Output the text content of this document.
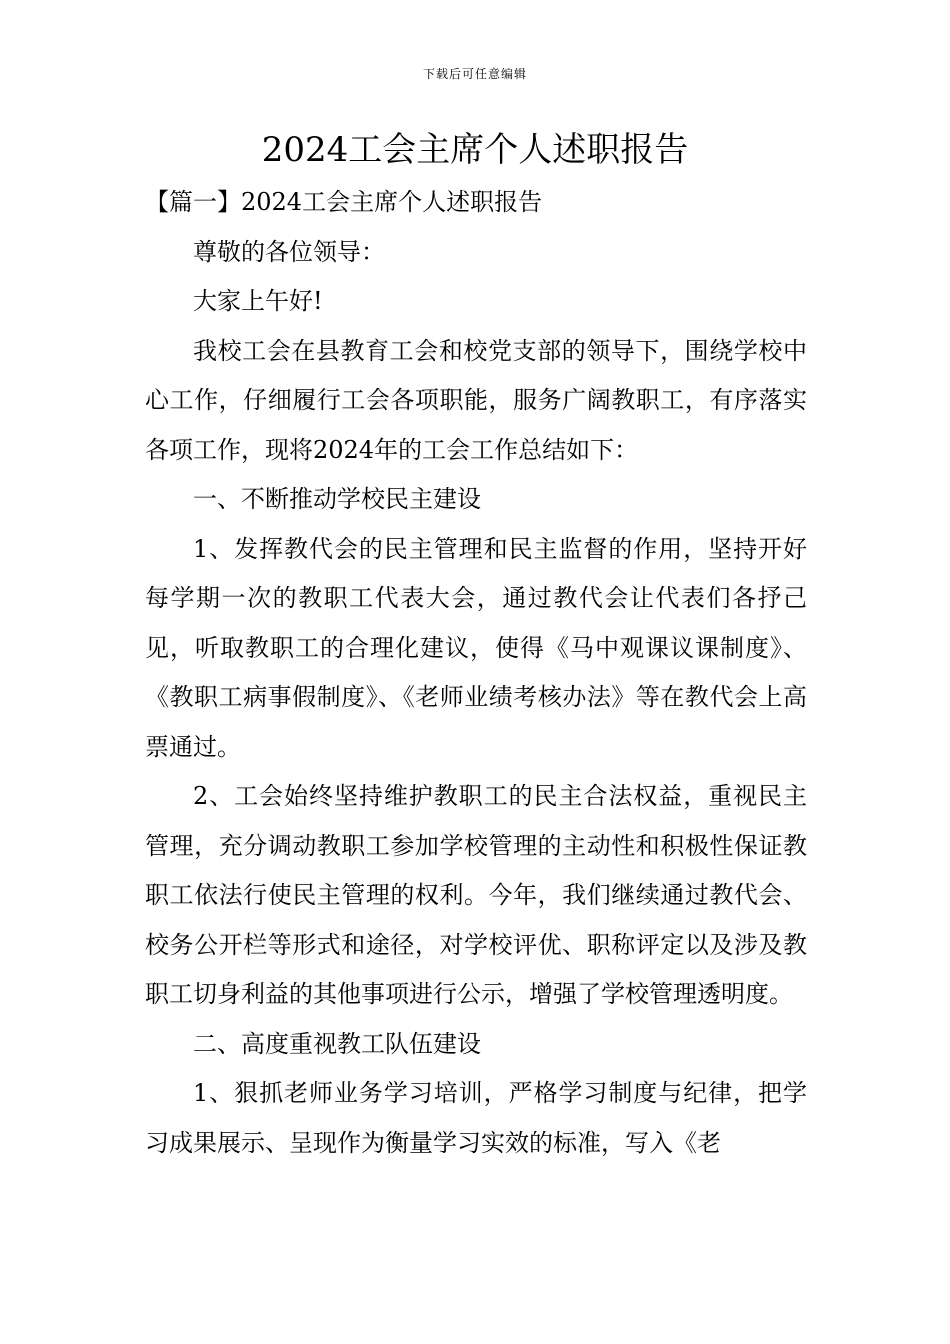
下载后可任意编辑
2024工会主席个人述职报告

【篇一】2024工会主席个人述职报告

尊敬的各位领导：

大家上午好!

我校工会在县教育工会和校党支部的领导下，围绕学校中心工作，仔细履行工会各项职能，服务广阔教职工，有序落实各项工作，现将2024年的工会工作总结如下：

一、不断推动学校民主建设

1、发挥教代会的民主管理和民主监督的作用，坚持开好每学期一次的教职工代表大会，通过教代会让代表们各抒己见，听取教职工的合理化建议，使得《马中观课议课制度》、《教职工病事假制度》、《老师业绩考核办法》等在教代会上高票通过。

2、工会始终坚持维护教职工的民主合法权益，重视民主管理，充分调动教职工参加学校管理的主动性和积极性保证教职工依法行使民主管理的权利。今年，我们继续通过教代会、校务公开栏等形式和途径，对学校评优、职称评定以及涉及教职工切身利益的其他事项进行公示，增强了学校管理透明度。

二、高度重视教工队伍建设

1、狠抓老师业务学习培训，严格学习制度与纪律，把学习成果展示、呈现作为衡量学习实效的标准，写入《老
